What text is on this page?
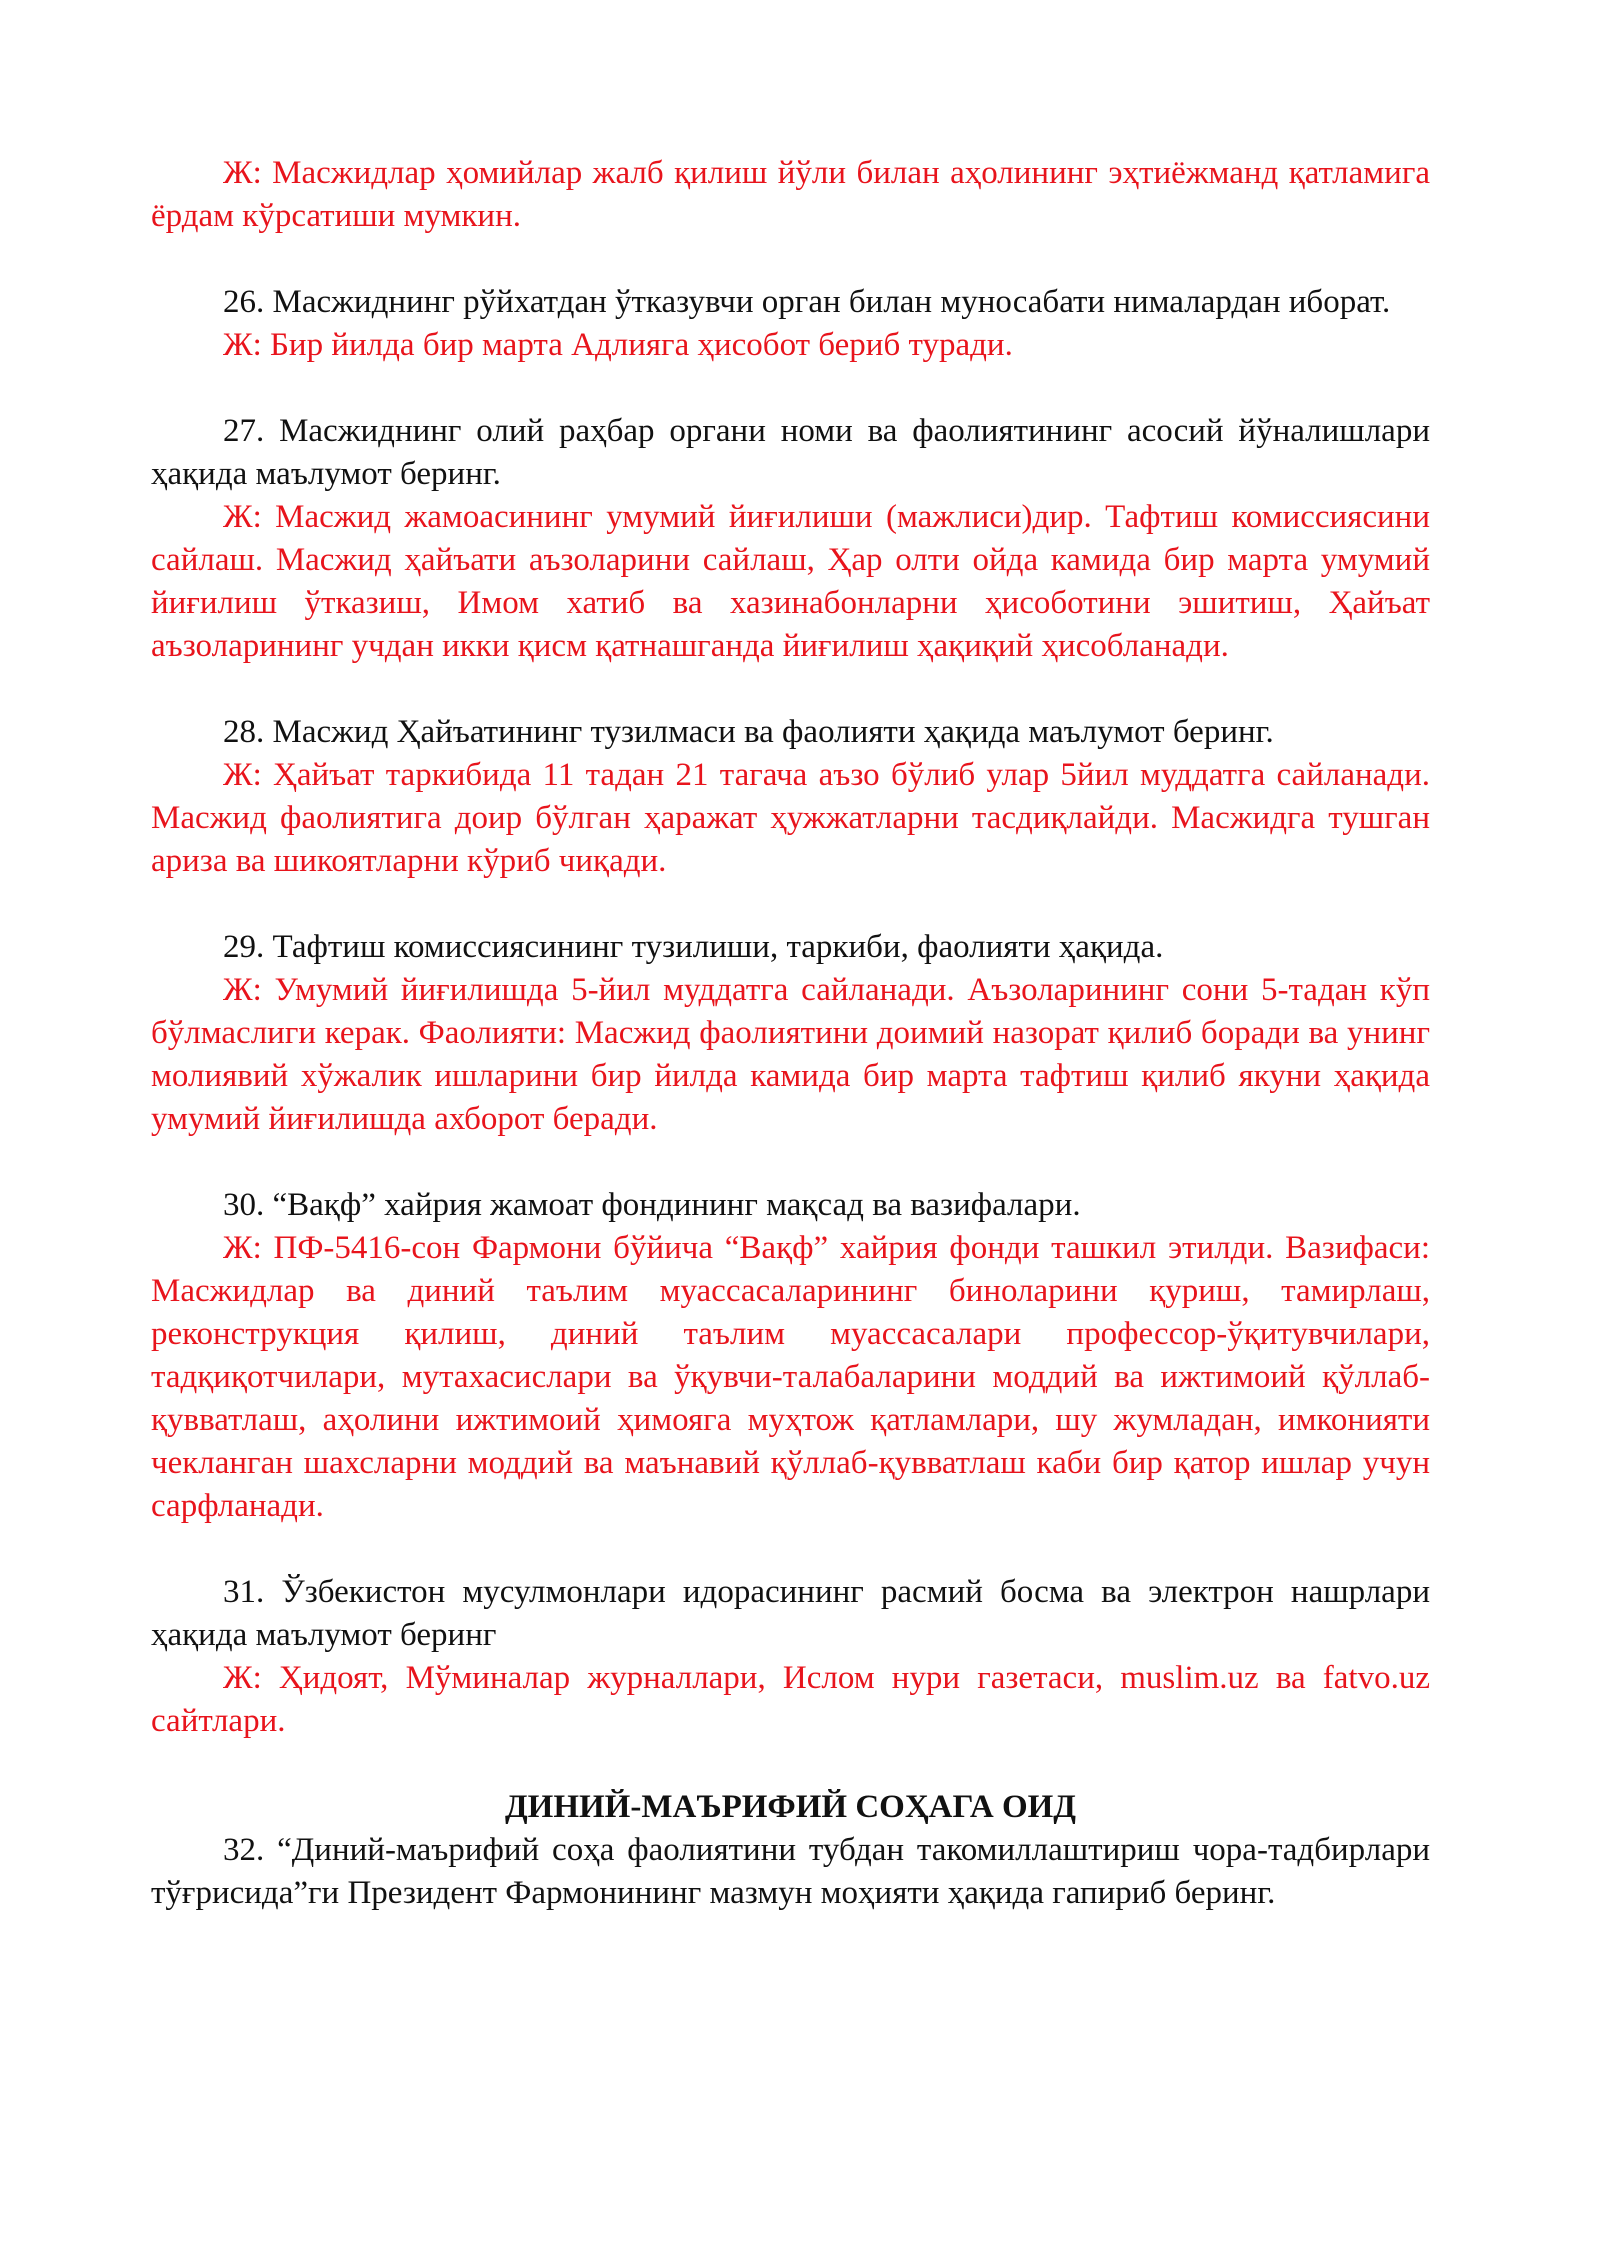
Ж: Масжидлар ҳомийлар жалб қилиш йўли билан аҳолининг эҳтиёжманд қатламига ёрдам кўрсатиши мумкин.

26. Масжиднинг рўйхатдан ўтказувчи орган билан муносабати нималардан иборат.

Ж: Бир йилда бир марта Адлияга ҳисобот бериб туради.

27. Масжиднинг олий раҳбар органи номи ва фаолиятининг асосий йўналишлари ҳақида маълумот беринг.

Ж: Масжид жамоасининг умумий йиғилиши (мажлиси)дир. Тафтиш комиссиясини сайлаш. Масжид ҳайъати аъзоларини сайлаш, Ҳар олти ойда камида бир марта умумий йиғилиш ўтказиш, Имом хатиб ва хазинабонларни ҳисоботини эшитиш, Ҳайъат аъзоларининг учдан икки қисм қатнашганда йиғилиш ҳақиқий ҳисобланади.

28. Масжид Ҳайъатининг тузилмаси ва фаолияти ҳақида маълумот беринг.

Ж: Ҳайъат таркибида 11 тадан 21 тагача аъзо бўлиб улар 5йил муддатга сайланади. Масжид фаолиятига доир бўлган ҳаражат ҳужжатларни тасдиқлайди. Масжидга тушган ариза ва шикоятларни кўриб чиқади.

29. Тафтиш комиссиясининг тузилиши, таркиби, фаолияти ҳақида.

Ж: Умумий йиғилишда 5-йил муддатга сайланади. Аъзоларининг сони 5-тадан кўп бўлмаслиги керак. Фаолияти: Масжид фаолиятини доимий назорат қилиб боради ва унинг молиявий хўжалик ишларини бир йилда камида бир марта тафтиш қилиб якуни ҳақида умумий йиғилишда ахборот беради.

30. “Вақф” хайрия жамоат фондининг мақсад ва вазифалари.

Ж: ПФ-5416-сон Фармони бўйича “Вақф” хайрия фонди ташкил этилди. Вазифаси: Масжидлар ва диний таълим муассасаларининг биноларини қуриш, тамирлаш, реконструкция қилиш, диний таълим муассасалари профессор-ўқитувчилари, тадқиқотчилари, мутахасислари ва ўқувчи-талабаларини моддий ва ижтимоий қўллаб-қувватлаш, аҳолини ижтимоий ҳимояга муҳтож қатламлари, шу жумладан, имконияти чекланган шахсларни моддий ва маънавий қўллаб-қувватлаш каби бир қатор ишлар учун сарфланади.

31. Ўзбекистон мусулмонлари идорасининг расмий босма ва электрон нашрлари ҳақида маълумот беринг

Ж: Ҳидоят, Мўминалар журналлари, Ислом нури газетаси, muslim.uz ва fatvo.uz сайтлари.

ДИНИЙ-МАЪРИФИЙ СОҲАГА ОИД

32. “Диний-маърифий соҳа фаолиятини тубдан такомиллаштириш чора-тадбирлари тўғрисида”ги Президент Фармонининг мазмун моҳияти ҳақида гапириб беринг.
